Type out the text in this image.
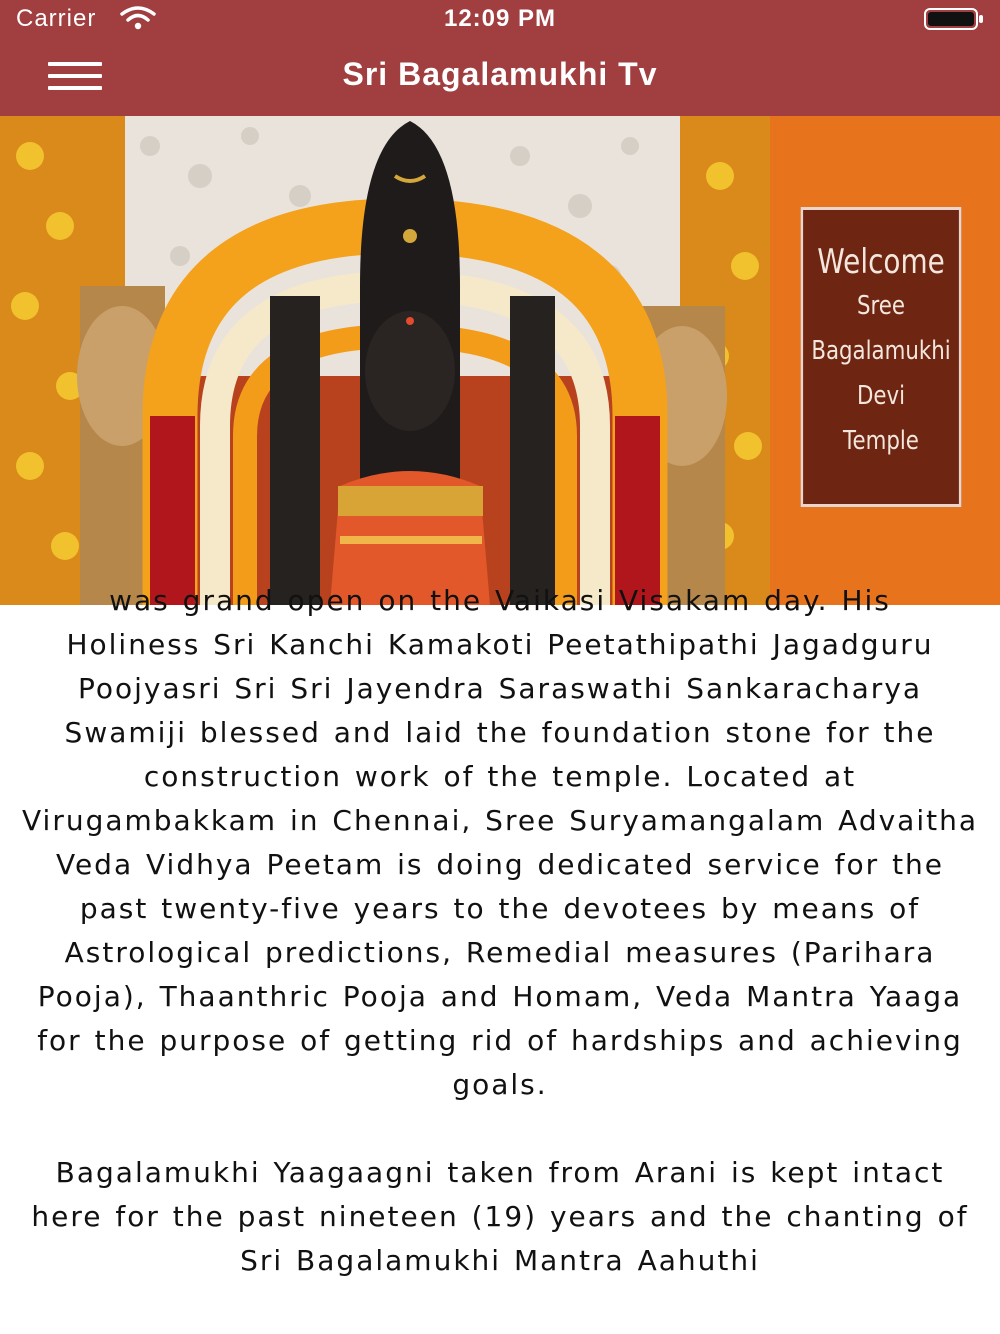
Carrier	12:09 PM
Sri Bagalamukhi Tv
Welcome
Sree
Bagalamukhi
Devi
Temple
was grand open on the Vaikasi Visakam day. His

Holiness Sri Kanchi Kamakoti Peetathipathi Jagadguru Poojyasri Sri Sri Jayendra Saraswathi Sankaracharya Swamiji blessed and laid the foundation stone for the construction work of the temple. Located at Virugambakkam in Chennai, Sree Suryamangalam Advaitha Veda Vidhya Peetam is doing dedicated service for the past twenty-five years to the devotees by means of Astrological predictions, Remedial measures (Parihara Pooja), Thaanthric Pooja and Homam, Veda Mantra Yaaga for the purpose of getting rid of hardships and achieving goals.

Bagalamukhi Yaagaagni taken from Arani is kept intact here for the past nineteen (19) years and the chanting of Sri Bagalamukhi Mantra Aahuthi
